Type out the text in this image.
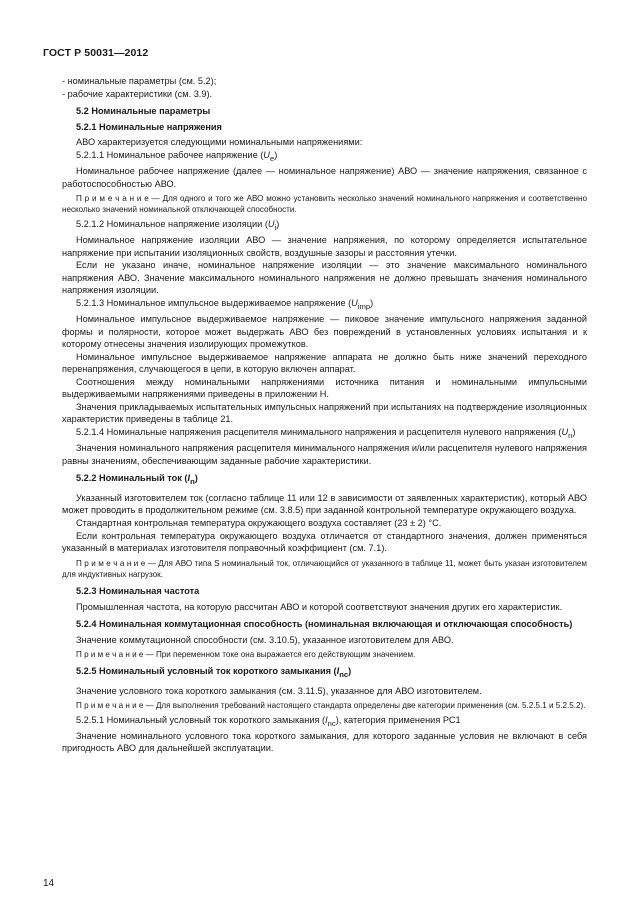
ГОСТ Р 50031—2012

- номинальные параметры (см. 5.2);

- рабочие характеристики (см. 3.9).

5.2 Номинальные параметры

5.2.1 Номинальные напряжения

АВО характеризуется следующими номинальными напряжениями:

5.2.1.1 Номинальное рабочее напряжение $(U_e)$

Номинальное рабочее напряжение (далее — номинальное напряжение) АВО — значение напряжения, связанное с работоспособностью АВО.

П р и м е ч а н и е — Для одного и того же АВО можно установить несколько значений номинального напряжения и соответственно несколько значений номинальной отключающей способности.

5.2.1.2 Номинальное напряжение изоляции $(U_i)$

Номинальное напряжение изоляции АВО — значение напряжения, по которому определяется испытательное напряжение при испытании изоляционных свойств, воздушные зазоры и расстояния утечки.

Если не указано иначе, номинальное напряжение изоляции — это значение максимального номинального напряжения АВО. Значение максимального номинального напряжения не должно превышать значения номинального напряжения изоляции.

5.2.1.3 Номинальное импульсное выдерживаемое напряжение $(U_{imp})$

Номинальное импульсное выдерживаемое напряжение — пиковое значение импульсного напряжения заданной формы и полярности, которое может выдержать АВО без повреждений в установленных условиях испытания и к которому отнесены значения изолирующих промежутков.

Номинальное импульсное выдерживаемое напряжение аппарата не должно быть ниже значений переходного перенапряжения, случающегося в цепи, в которую включен аппарат.

Соотношения между номинальными напряжениями источника питания и номинальными импульсными выдерживаемыми напряжениями приведены в приложении Н.

Значения прикладываемых испытательных импульсных напряжений при испытаниях на подтверждение изоляционных характеристик приведены в таблице 21.

5.2.1.4 Номинальные напряжения расцепителя минимального напряжения и расцепителя нулевого напряжения $(U_n)$

Значения номинального напряжения расцепителя минимального напряжения и/или расцепителя нулевого напряжения равны значениям, обеспечивающим заданные рабочие характеристики.

5.2.2 Номинальный ток $(I_n)$

Указанный изготовителем ток (согласно таблице 11 или 12 в зависимости от заявленных характеристик), который АВО может проводить в продолжительном режиме (см. 3.8.5) при заданной контрольной температуре окружающего воздуха.

Стандартная контрольная температура окружающего воздуха составляет (23 ± 2) °С.

Если контрольная температура окружающего воздуха отличается от стандартного значения, должен применяться указанный в материалах изготовителя поправочный коэффициент (см. 7.1).

П р и м е ч а н и е — Для АВО типа S номинальный ток, отличающийся от указанного в таблице 11, может быть указан изготовителем для индуктивных нагрузок.

5.2.3 Номинальная частота

Промышленная частота, на которую рассчитан АВО и которой соответствуют значения других его характеристик.

5.2.4 Номинальная коммутационная способность (номинальная включающая и отключающая способность)

Значение коммутационной способности (см. 3.10.5), указанное изготовителем для АВО.

П р и м е ч а н и е — При переменном токе она выражается его действующим значением.

5.2.5 Номинальный условный ток короткого замыкания $(I_{nc})$

Значение условного тока короткого замыкания (см. 3.11.5), указанное для АВО изготовителем.

П р и м е ч а н и е — Для выполнения требований настоящего стандарта определены две категории применения (см. 5.2.5.1 и 5.2.5.2).

5.2.5.1 Номинальный условный ток короткого замыкания $(I_{nc})$, категория применения РС1

Значение номинального условного тока короткого замыкания, для которого заданные условия не включают в себя пригодность АВО для дальнейшей эксплуатации.

14
